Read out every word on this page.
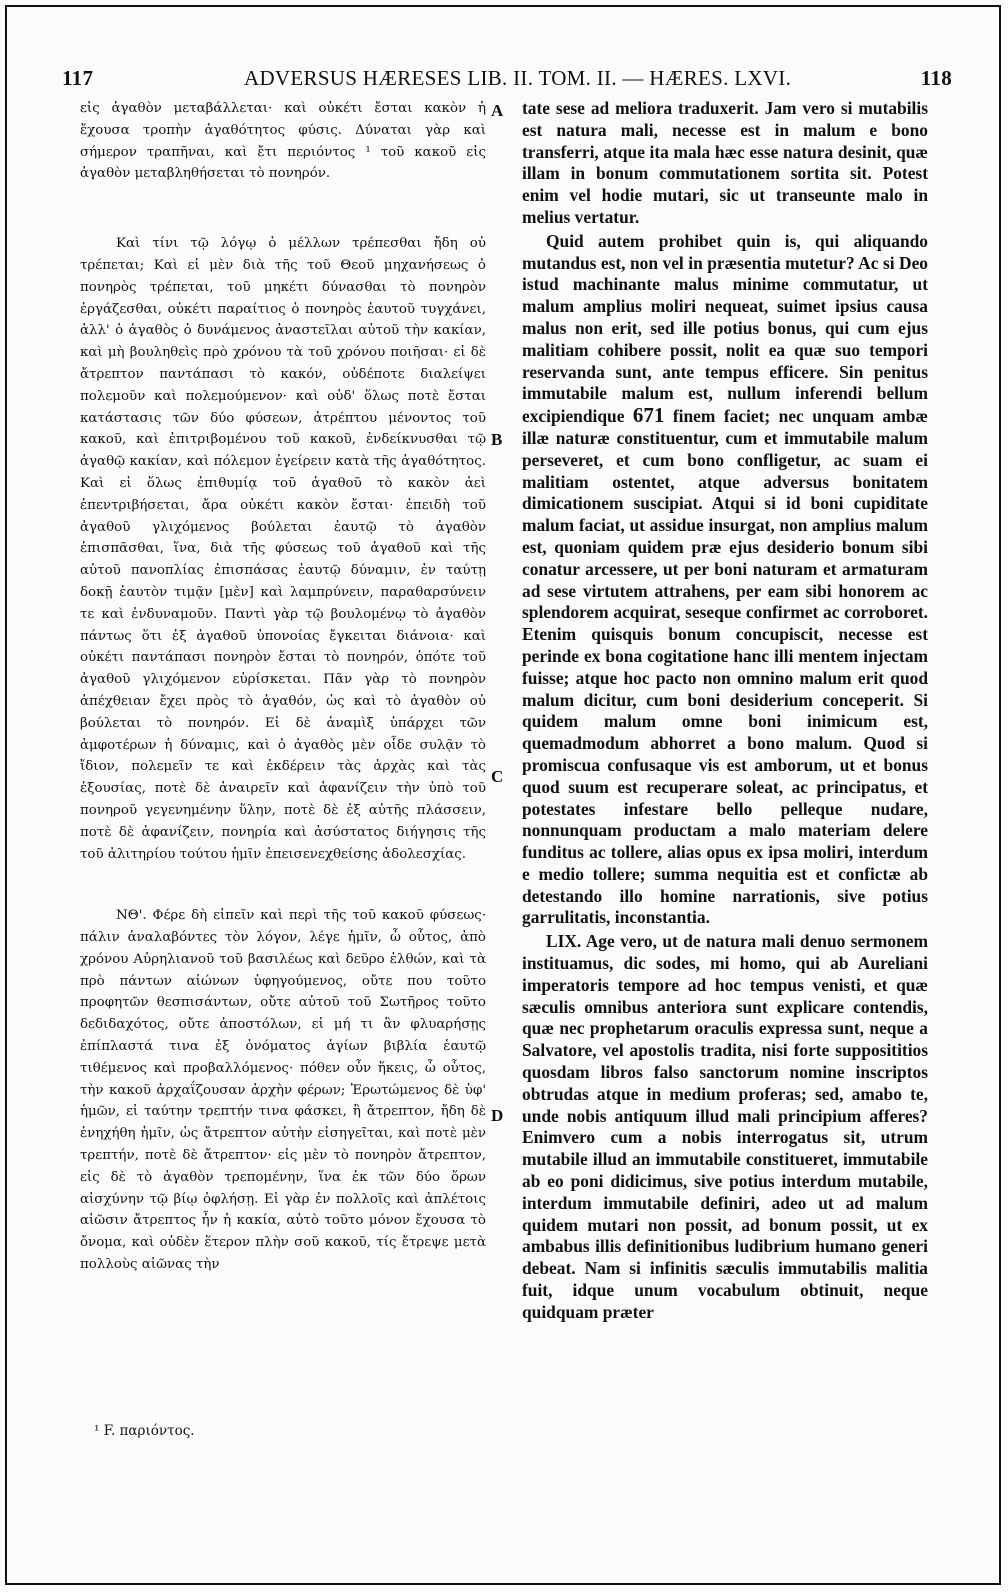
117	ADVERSUS HÆRESES LIB. II. TOM. II. — HÆRES. LXVI.	118

εἰς ἀγαθὸν μεταβάλλεται· καὶ οὐκέτι ἔσται κακὸν ἡ ἔχουσα τροπὴν ἀγαθότητος φύσις. Δύναται γὰρ καὶ σήμερον τραπῆναι, καὶ ἔτι περιόντος ¹ τοῦ κακοῦ εἰς ἀγαθὸν μεταβληθήσεται τὸ πονηρόν.

Καὶ τίνι τῷ λόγῳ ὁ μέλλων τρέπεσθαι ἤδη οὐ τρέπεται; Καὶ εἰ μὲν διὰ τῆς τοῦ Θεοῦ μηχανήσεως ὁ πονηρὸς τρέπεται, τοῦ μηκέτι δύνασθαι τὸ πονηρὸν ἐργάζεσθαι, οὐκέτι παραίτιος ὁ πονηρὸς ἑαυτοῦ τυγχάνει, ἀλλ' ὁ ἀγαθὸς ὁ δυνάμενος ἀναστεῖλαι αὐτοῦ τὴν κακίαν, καὶ μὴ βουληθεὶς πρὸ χρόνου τὰ τοῦ χρόνου ποιῆσαι· εἰ δὲ ἄτρεπτον παντάπασι τὸ κακόν, οὐδέποτε διαλείψει πολεμοῦν καὶ πολεμούμενον· καὶ οὐδ' ὅλως ποτὲ ἔσται κατάστασις τῶν δύο φύσεων, ἀτρέπτου μένοντος τοῦ κακοῦ, καὶ ἐπιτριβομένου τοῦ κακοῦ, ἐνδείκνυσθαι τῷ ἀγαθῷ κακίαν, καὶ πόλεμον ἐγείρειν κατὰ τῆς ἀγαθότητος. Καὶ εἰ ὅλως ἐπιθυμίᾳ τοῦ ἀγαθοῦ τὸ κακὸν ἀεὶ ἐπεντριβήσεται, ἄρα οὐκέτι κακὸν ἔσται· ἐπειδὴ τοῦ ἀγαθοῦ γλιχόμενος βούλεται ἑαυτῷ τὸ ἀγαθὸν ἐπισπᾶσθαι, ἵνα, διὰ τῆς φύσεως τοῦ ἀγαθοῦ καὶ τῆς αὐτοῦ πανοπλίας ἐπισπάσας ἑαυτῷ δύναμιν, ἐν ταύτῃ δοκῇ ἑαυτὸν τιμᾷν [μὲν] καὶ λαμπρύνειν, παραθαρσύνειν τε καὶ ἐνδυναμοῦν. Παντὶ γὰρ τῷ βουλομένῳ τὸ ἀγαθὸν πάντως ὅτι ἐξ ἀγαθοῦ ὑπονοίας ἔγκειται διάνοια· καὶ οὐκέτι παντάπασι πονηρὸν ἔσται τὸ πονηρόν, ὁπότε τοῦ ἀγαθοῦ γλιχόμενον εὑρίσκεται. Πᾶν γὰρ τὸ πονηρὸν ἀπέχθειαν ἔχει πρὸς τὸ ἀγαθόν, ὡς καὶ τὸ ἀγαθὸν οὐ βούλεται τὸ πονηρόν. Εἰ δὲ ἀναμὶξ ὑπάρχει τῶν ἀμφοτέρων ἡ δύναμις, καὶ ὁ ἀγαθὸς μὲν οἶδε συλᾷν τὸ ἴδιον, πολεμεῖν τε καὶ ἐκδέρειν τὰς ἀρχὰς καὶ τὰς ἐξουσίας, ποτὲ δὲ ἀναιρεῖν καὶ ἀφανίζειν τὴν ὑπὸ τοῦ πονηροῦ γεγενημένην ὕλην, ποτὲ δὲ ἐξ αὐτῆς πλάσσειν, ποτὲ δὲ ἀφανίζειν, πονηρία καὶ ἀσύστατος διήγησις τῆς τοῦ ἀλιτηρίου τούτου ἡμῖν ἐπεισενεχθείσης ἀδολεσχίας.

ΝΘ'. Φέρε δὴ εἰπεῖν καὶ περὶ τῆς τοῦ κακοῦ φύσεως· πάλιν ἀναλαβόντες τὸν λόγον, λέγε ἡμῖν, ὦ οὗτος, ἀπὸ χρόνου Αὐρηλιανοῦ τοῦ βασιλέως καὶ δεῦρο ἐλθών, καὶ τὰ πρὸ πάντων αἰώνων ὑφηγούμενος, οὔτε που τοῦτο προφητῶν θεσπισάντων, οὔτε αὐτοῦ τοῦ Σωτῆρος τοῦτο δεδιδαχότος, οὔτε ἀποστόλων, εἰ μή τι ἂν φλυαρήσῃς ἐπίπλαστά τινα ἐξ ὀνόματος ἁγίων βιβλία ἑαυτῷ τιθέμενος καὶ προβαλλόμενος· πόθεν οὖν ἥκεις, ὦ οὗτος, τὴν κακοῦ ἀρχαΐζουσαν ἀρχὴν φέρων; Ἐρωτώμενος δὲ ὑφ' ἡμῶν, εἰ ταύτην τρεπτήν τινα φάσκει, ἢ ἄτρεπτον, ἤδη δὲ ἐνηχήθη ἡμῖν, ὡς ἄτρεπτον αὐτὴν εἰσηγεῖται, καὶ ποτὲ μὲν τρεπτήν, ποτὲ δὲ ἄτρεπτον· εἰς μὲν τὸ πονηρὸν ἄτρεπτον, εἰς δὲ τὸ ἀγαθὸν τρεπομένην, ἵνα ἐκ τῶν δύο ὅρων αἰσχύνην τῷ βίῳ ὀφλήσῃ. Εἰ γὰρ ἐν πολλοῖς καὶ ἀπλέτοις αἰῶσιν ἄτρεπτος ἦν ἡ κακία, αὐτὸ τοῦτο μόνον ἔχουσα τὸ ὄνομα, καὶ οὐδὲν ἕτερον πλὴν σοῦ κακοῦ, τίς ἔτρεψε μετὰ πολλοὺς αἰῶνας τὴν

A
B
C
D

tate sese ad meliora traduxerit. Jam vero si mutabilis est natura mali, necesse est in malum e bono transferri, atque ita mala hæc esse natura desinit, quæ illam in bonum commutationem sortita sit. Potest enim vel hodie mutari, sic ut transeunte malo in melius vertatur.

Quid autem prohibet quin is, qui aliquando mutandus est, non vel in præsentia mutetur? Ac si Deo istud machinante malus minime commutatur, ut malum amplius moliri nequeat, suimet ipsius causa malus non erit, sed ille potius bonus, qui cum ejus malitiam cohibere possit, nolit ea quæ suo tempori reservanda sunt, ante tempus efficere. Sin penitus immutabile malum est, nullum inferendi bellum excipiendique 671 finem faciet; nec unquam ambæ illæ naturæ constituentur, cum et immutabile malum perseveret, et cum bono confligetur, ac suam ei malitiam ostentet, atque adversus bonitatem dimicationem suscipiat. Atqui si id boni cupiditate malum faciat, ut assidue insurgat, non amplius malum est, quoniam quidem præ ejus desiderio bonum sibi conatur arcessere, ut per boni naturam et armaturam ad sese virtutem attrahens, per eam sibi honorem ac splendorem acquirat, seseque confirmet ac corroboret. Etenim quisquis bonum concupiscit, necesse est perinde ex bona cogitatione hanc illi mentem injectam fuisse; atque hoc pacto non omnino malum erit quod malum dicitur, cum boni desiderium conceperit. Si quidem malum omne boni inimicum est, quemadmodum abhorret a bono malum. Quod si promiscua confusaque vis est amborum, ut et bonus quod suum est recuperare soleat, ac principatus, et potestates infestare bello pelleque nudare, nonnunquam productam a malo materiam delere funditus ac tollere, alias opus ex ipsa moliri, interdum e medio tollere; summa nequitia est et confictæ ab detestando illo homine narrationis, sive potius garrulitatis, inconstantia.

LIX. Age vero, ut de natura mali denuo sermonem instituamus, dic sodes, mi homo, qui ab Aureliani imperatoris tempore ad hoc tempus venisti, et quæ sæculis omnibus anteriora sunt explicare contendis, quæ nec prophetarum oraculis expressa sunt, neque a Salvatore, vel apostolis tradita, nisi forte supposititios quosdam libros falso sanctorum nomine inscriptos obtrudas atque in medium proferas; sed, amabo te, unde nobis antiquum illud mali principium afferes? Enimvero cum a nobis interrogatus sit, utrum mutabile illud an immutabile constitueret, immutabile ab eo poni didicimus, sive potius interdum mutabile, interdum immutabile definiri, adeo ut ad malum quidem mutari non possit, ad bonum possit, ut ex ambabus illis definitionibus ludibrium humano generi debeat. Nam si infinitis sæculis immutabilis malitia fuit, idque unum vocabulum obtinuit, neque quidquam præter

¹ F. παριόντος.
